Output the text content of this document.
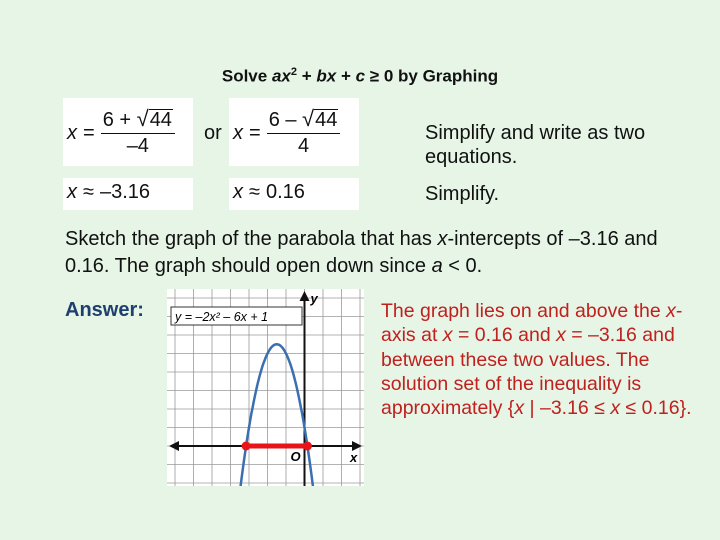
Solve $ax^2$ + bx + c ≥ 0 by Graphing
$x = \frac{6 + √44}{-4}$ or $x = \frac{6 - √44}{4}$	Simplify and write as two equations.
x ≈ –3.16	x ≈ 0.16	Simplify.
Sketch the graph of the parabola that has x-intercepts of –3.16 and 0.16. The graph should open down since a < 0.
Answer: y = –2x² – 6x + 1
y
x
O
The graph lies on and above the x-axis at x = 0.16 and x = –3.16 and between these two values. The solution set of the inequality is approximately {x | –3.16 ≤ x ≤ 0.16}.
